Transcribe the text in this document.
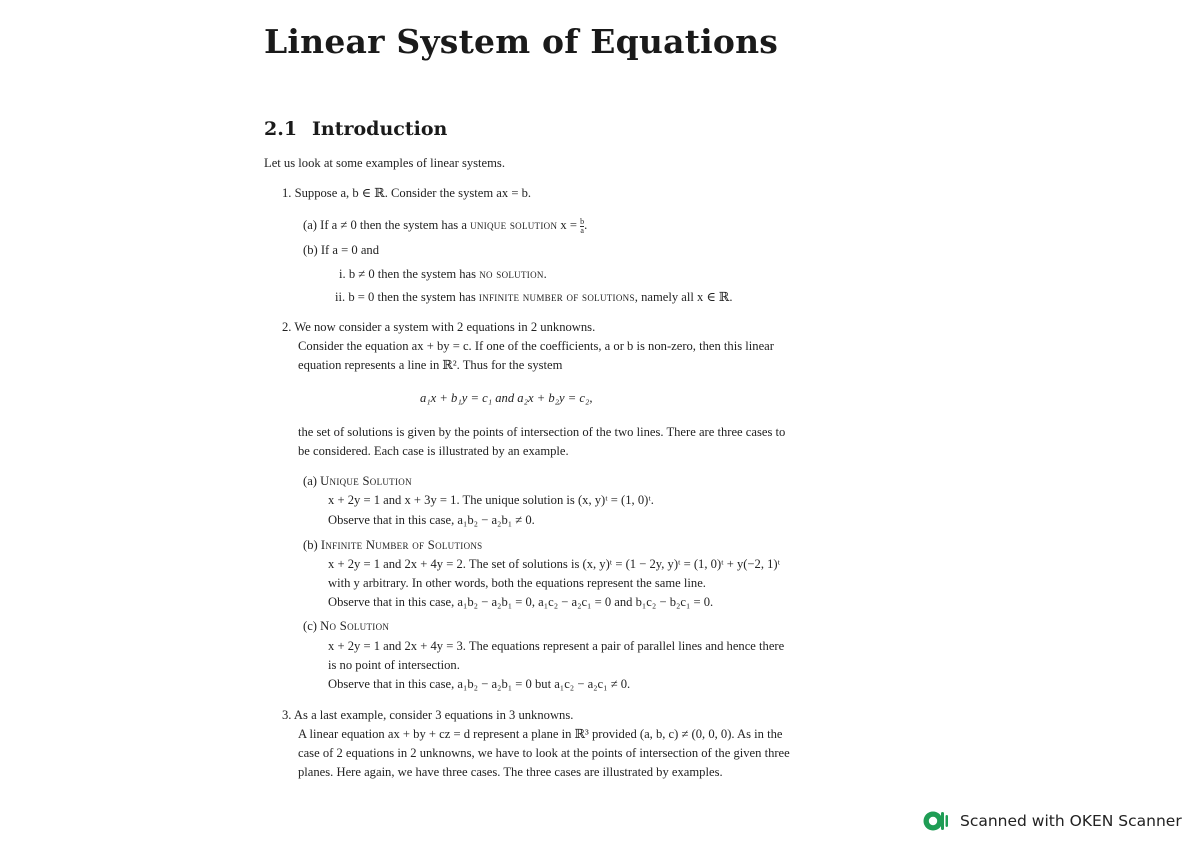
Linear System of Equations
2.1 Introduction
Let us look at some examples of linear systems.
1. Suppose a, b ∈ ℝ. Consider the system ax = b.
(a) If a ≠ 0 then the system has a unique solution $x = \frac{b}{a}$ .
(b) If a = 0 and
i. b ≠ 0 then the system has no solution.
ii. b = 0 then the system has infinite number of solutions, namely all x ∈ ℝ.
2. We now consider a system with 2 equations in 2 unknowns.
Consider the equation ax + by = c. If one of the coefficients, a or b is non-zero, then this linear
equation represents a line in ℝ². Thus for the system
a₁x + b₁y = c₁ and a₂x + b₂y = c₂,
the set of solutions is given by the points of intersection of the two lines. There are three cases to
be considered. Each case is illustrated by an example.
(a) Unique Solution
x + 2y = 1 and x + 3y = 1. The unique solution is (x, y)ᵗ = (1, 0)ᵗ.
Observe that in this case, a₁b₂ − a₂b₁ ≠ 0.
(b) Infinite Number of Solutions
x + 2y = 1 and 2x + 4y = 2. The set of solutions is (x, y)ᵗ = (1 − 2y, y)ᵗ = (1, 0)ᵗ + y(−2, 1)ᵗ
with y arbitrary. In other words, both the equations represent the same line.
Observe that in this case, a₁b₂ − a₂b₁ = 0, a₁c₂ − a₂c₁ = 0 and b₁c₂ − b₂c₁ = 0.
(c) No Solution
x + 2y = 1 and 2x + 4y = 3. The equations represent a pair of parallel lines and hence there
is no point of intersection.
Observe that in this case, a₁b₂ − a₂b₁ = 0 but a₁c₂ − a₂c₁ ≠ 0.
3. As a last example, consider 3 equations in 3 unknowns.
A linear equation ax + by + cz = d represent a plane in ℝ³ provided (a, b, c) ≠ (0, 0, 0). As in the
case of 2 equations in 2 unknowns, we have to look at the points of intersection of the given three
planes. Here again, we have three cases. The three cases are illustrated by examples.
Scanned with OKEN Scanner
